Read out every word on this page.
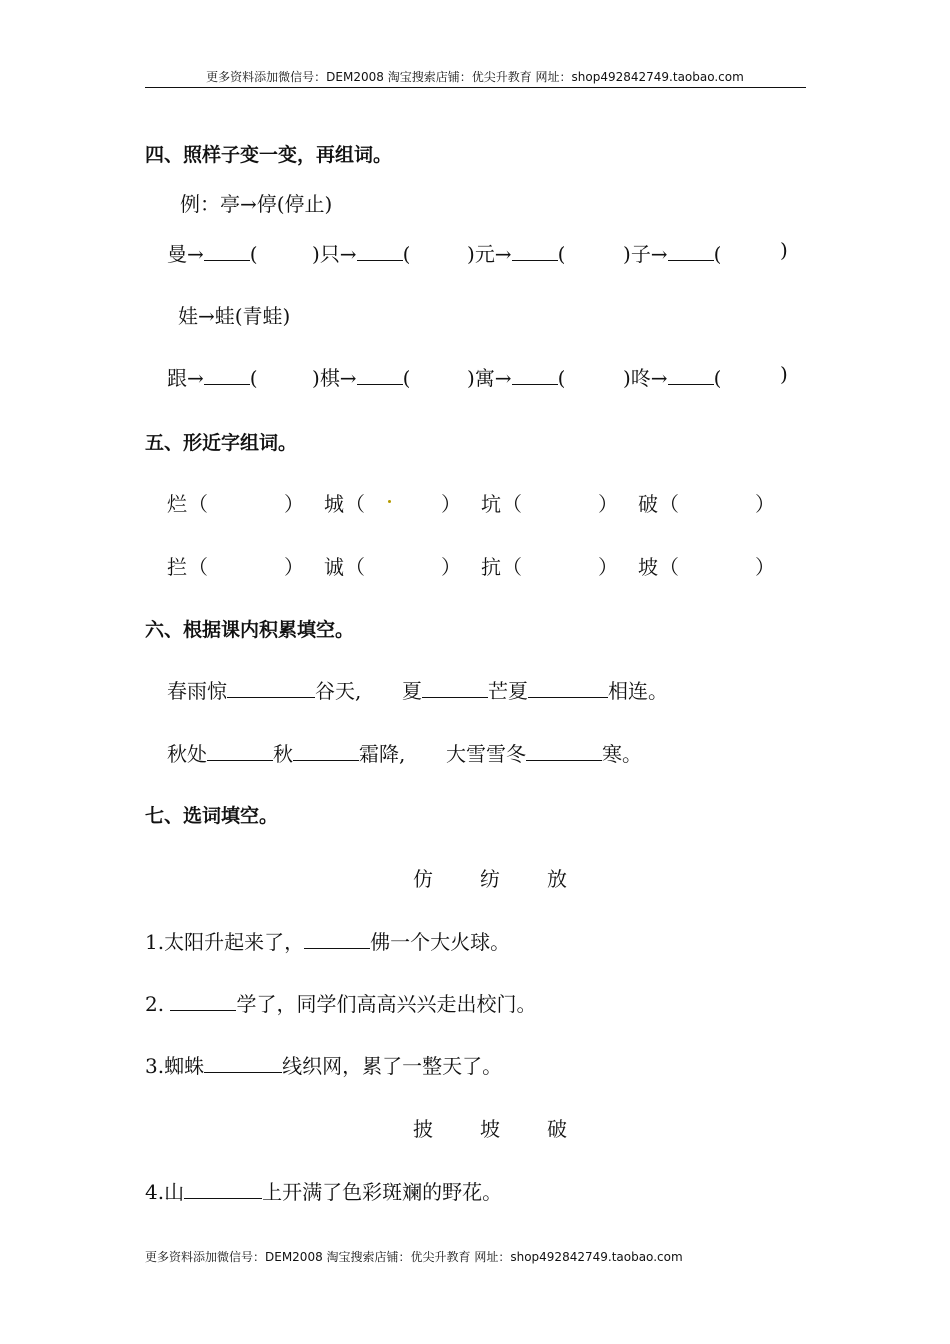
更多资料添加微信号：DEM2008 淘宝搜索店铺：优尖升教育 网址：shop492842749.taobao.com
四、照样子变一变，再组词。
例：亭→停(停止)
曼→ (	)只→ (	)元→ (	)子→ (	)
娃→蛙(青蛙)
跟→ (	)棋→ (	)寓→ (	)咚→ (	)
五、形近字组词。
烂 （	） 城 （	） 坑 （	） 破 （	）
拦 （	） 诚 （	） 抗 （	） 坡 （	）
六、根据课内积累填空。
春雨惊	谷天, 夏	芒夏	相连。
秋处	秋	霜降, 大雪雪冬	寒。
七、选词填空。
仿 纺 放
1.太阳升起来了，	佛一个大火球。
2.	学了，同学们高高兴兴走出校门。
3.蜘蛛	线织网，累了一整天了。
披 坡 破
4.山	上开满了色彩斑斓的野花。
更多资料添加微信号：DEM2008 淘宝搜索店铺：优尖升教育 网址：shop492842749.taobao.com
